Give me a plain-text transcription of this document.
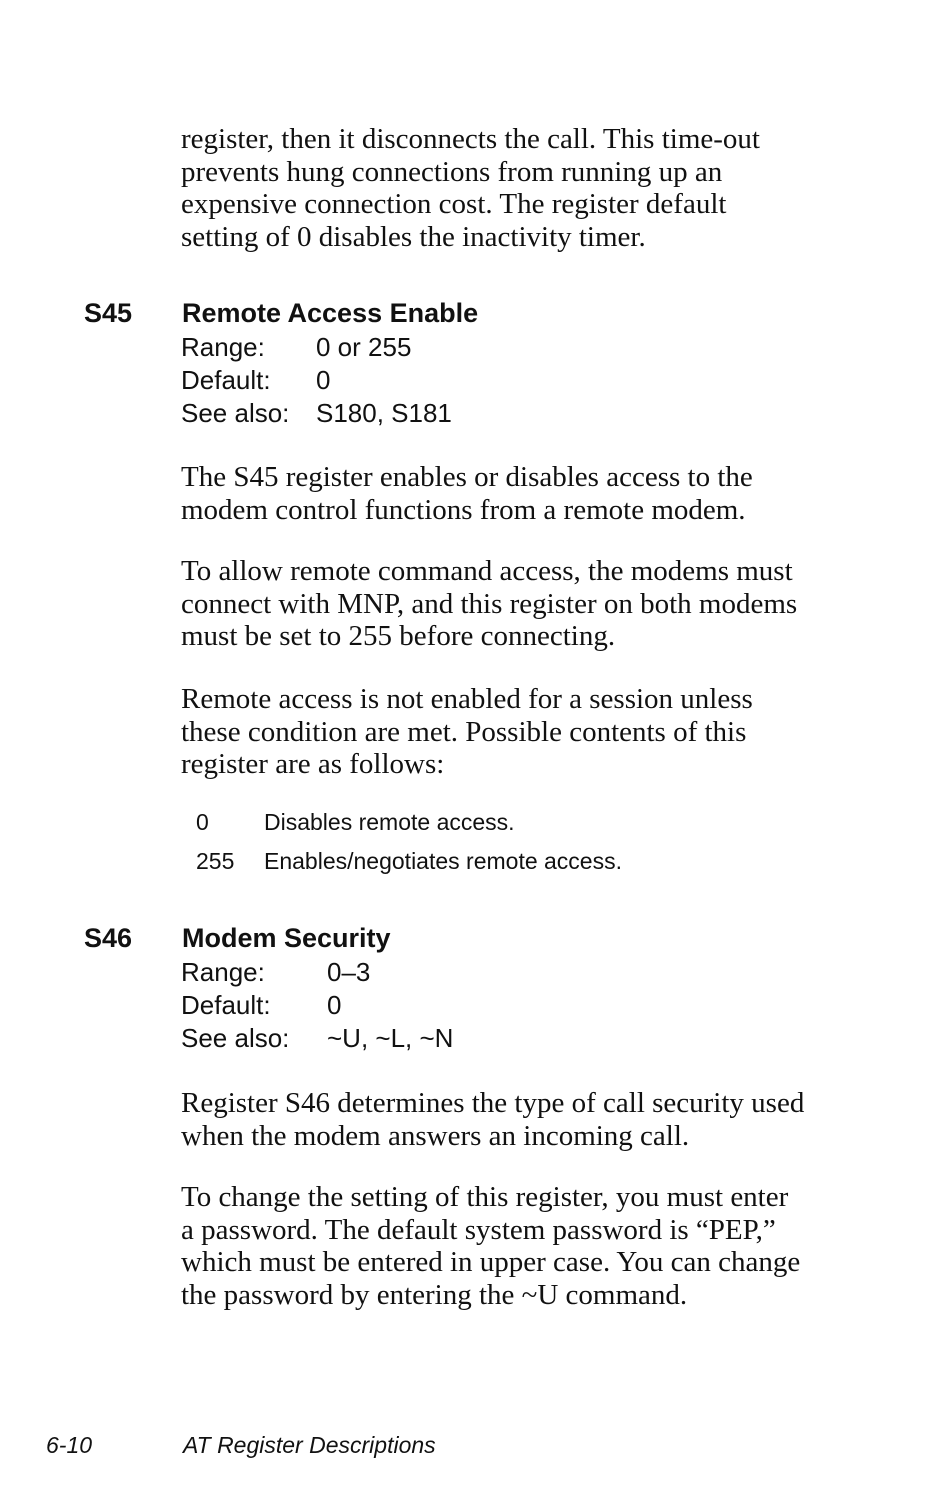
register, then it disconnects the call. This time-out
prevents hung connections from running up an
expensive connection cost. The register default
setting of 0 disables the inactivity timer.

S45 Remote Access Enable
Range:	0 or 255
Default:	0
See also:	S180, S181

The S45 register enables or disables access to the
modem control functions from a remote modem.

To allow remote command access, the modems must
connect with MNP, and this register on both modems
must be set to 255 before connecting.

Remote access is not enabled for a session unless
these condition are met. Possible contents of this
register are as follows:

0	Disables remote access.
255	Enables/negotiates remote access.
S46 Modem Security
Range:	0–3
Default:	0
See also:	~U, ~L, ~N

Register S46 determines the type of call security used
when the modem answers an incoming call.

To change the setting of this register, you must enter
a password. The default system password is “PEP,”
which must be entered in upper case. You can change
the password by entering the ~U command.

6-10	AT Register Descriptions
